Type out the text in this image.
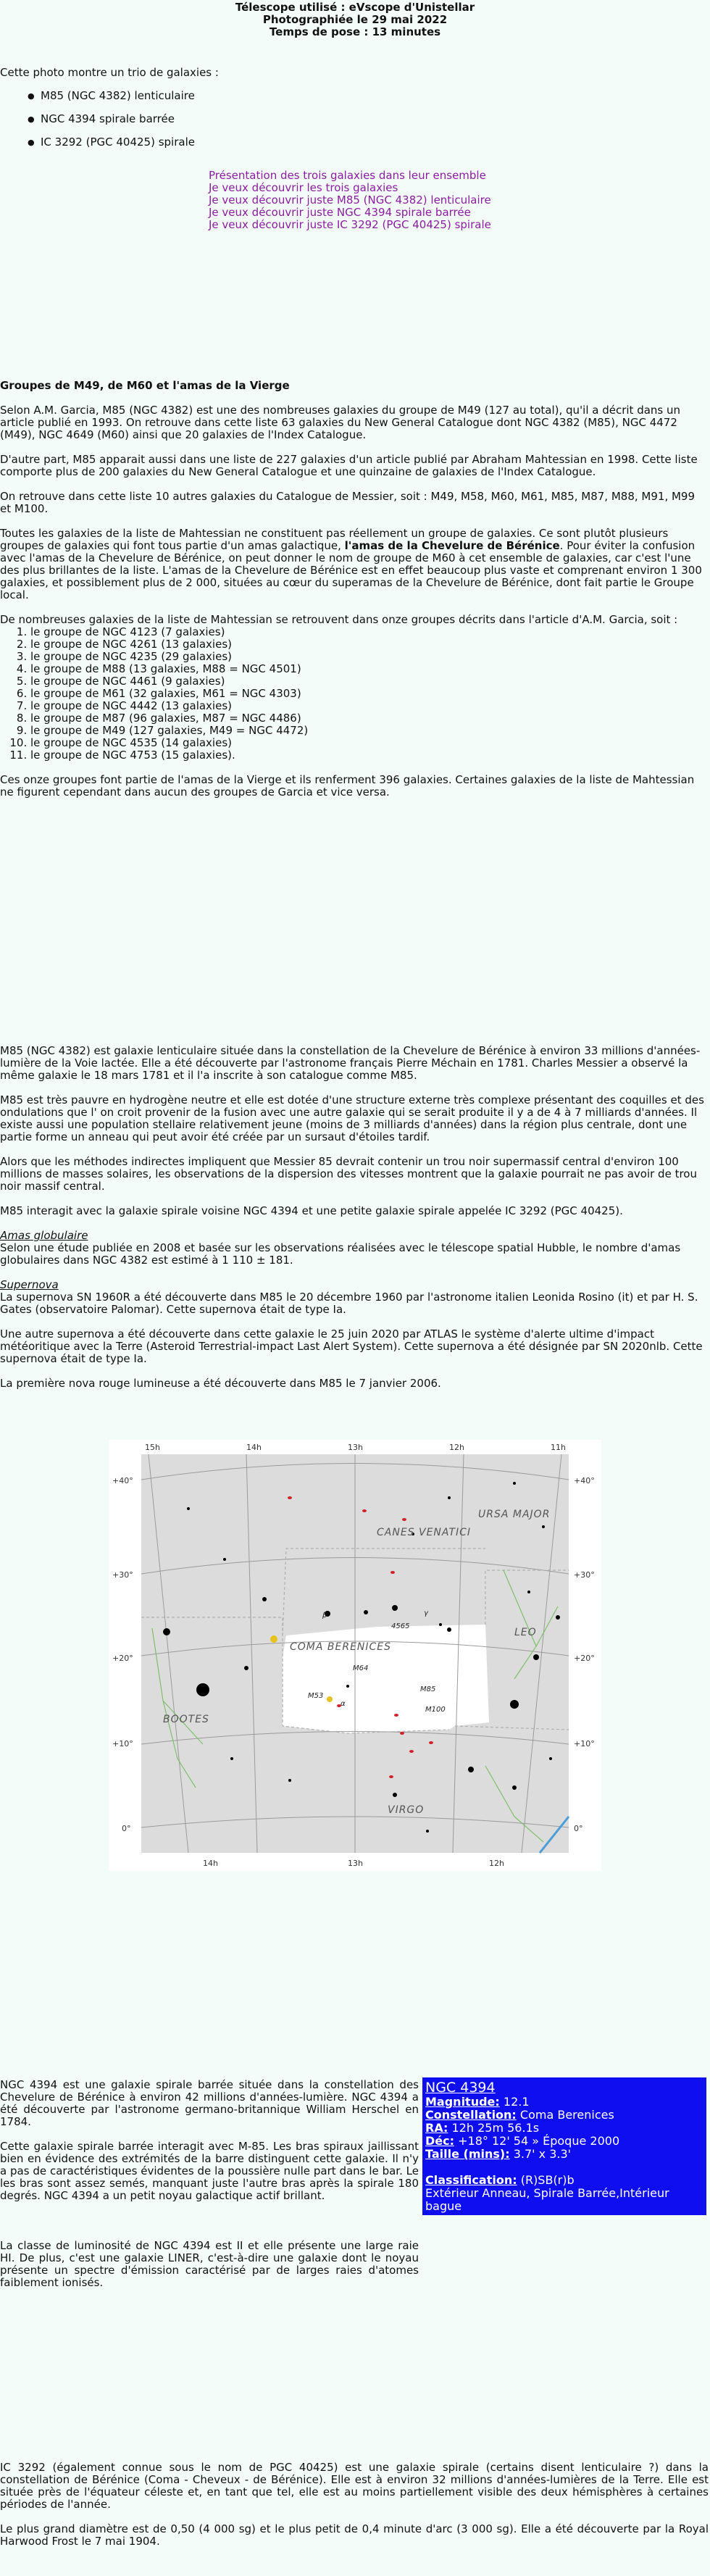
Télescope utilisé : eVscope d'Unistellar
Photographiée le 29 mai 2022
Temps de pose : 13 minutes
Cette photo montre un trio de galaxies :
● M85 (NGC 4382) lenticulaire
● NGC 4394 spirale barrée
● IC 3292 (PGC 40425) spirale
Présentation des trois galaxies dans leur ensemble
Je veux découvrir les trois galaxies
Je veux découvrir juste M85 (NGC 4382) lenticulaire
Je veux découvrir juste NGC 4394 spirale barrée
Je veux découvrir juste IC 3292 (PGC 40425) spirale
Groupes de M49, de M60 et l'amas de la Vierge

Selon A.M. Garcia, M85 (NGC 4382) est une des nombreuses galaxies du groupe de M49 (127 au total), qu'il a décrit dans un article publié en 1993. On retrouve dans cette liste 63 galaxies du New General Catalogue dont NGC 4382 (M85), NGC 4472 (M49), NGC 4649 (M60) ainsi que 20 galaxies de l'Index Catalogue.

D'autre part, M85 apparait aussi dans une liste de 227 galaxies d'un article publié par Abraham Mahtessian en 1998. Cette liste comporte plus de 200 galaxies du New General Catalogue et une quinzaine de galaxies de l'Index Catalogue.

On retrouve dans cette liste 10 autres galaxies du Catalogue de Messier, soit : M49, M58, M60, M61, M85, M87, M88, M91, M99 et M100.

Toutes les galaxies de la liste de Mahtessian ne constituent pas réellement un groupe de galaxies. Ce sont plutôt plusieurs groupes de galaxies qui font tous partie d'un amas galactique, l'amas de la Chevelure de Bérénice. Pour éviter la confusion avec l'amas de la Chevelure de Bérénice, on peut donner le nom de groupe de M60 à cet ensemble de galaxies, car c'est l'une des plus brillantes de la liste. L'amas de la Chevelure de Bérénice est en effet beaucoup plus vaste et comprenant environ 1 300 galaxies, et possiblement plus de 2 000, situées au cœur du superamas de la Chevelure de Bérénice, dont fait partie le Groupe local.

De nombreuses galaxies de la liste de Mahtessian se retrouvent dans onze groupes décrits dans l'article d'A.M. Garcia, soit :

1. le groupe de NGC 4123 (7 galaxies)
2. le groupe de NGC 4261 (13 galaxies)
3. le groupe de NGC 4235 (29 galaxies)
4. le groupe de M88 (13 galaxies, M88 = NGC 4501)
5. le groupe de NGC 4461 (9 galaxies)
6. le groupe de M61 (32 galaxies, M61 = NGC 4303)
7. le groupe de NGC 4442 (13 galaxies)
8. le groupe de M87 (96 galaxies, M87 = NGC 4486)
9. le groupe de M49 (127 galaxies, M49 = NGC 4472)
10. le groupe de NGC 4535 (14 galaxies)
11. le groupe de NGC 4753 (15 galaxies).

Ces onze groupes font partie de l'amas de la Vierge et ils renferment 396 galaxies. Certaines galaxies de la liste de Mahtessian ne figurent cependant dans aucun des groupes de Garcia et vice versa.

M85 (NGC 4382) est galaxie lenticulaire située dans la constellation de la Chevelure de Bérénice à environ 33 millions d'années-lumière de la Voie lactée. Elle a été découverte par l'astronome français Pierre Méchain en 1781. Charles Messier a observé la même galaxie le 18 mars 1781 et il l'a inscrite à son catalogue comme M85.

M85 est très pauvre en hydrogène neutre et elle est dotée d'une structure externe très complexe présentant des coquilles et des ondulations que l' on croit provenir de la fusion avec une autre galaxie qui se serait produite il y a de 4 à 7 milliards d'années. Il existe aussi une population stellaire relativement jeune (moins de 3 milliards d'années) dans la région plus centrale, dont une partie forme un anneau qui peut avoir été créée par un sursaut d'étoiles tardif.

Alors que les méthodes indirectes impliquent que Messier 85 devrait contenir un trou noir supermassif central d'environ 100 millions de masses solaires, les observations de la dispersion des vitesses montrent que la galaxie pourrait ne pas avoir de trou noir massif central.

M85 interagit avec la galaxie spirale voisine NGC 4394 et une petite galaxie spirale appelée IC 3292 (PGC 40425).

Amas globulaire

Selon une étude publiée en 2008 et basée sur les observations réalisées avec le télescope spatial Hubble, le nombre d'amas globulaires dans NGC 4382 est estimé à 1 110 ± 181.

Supernova

La supernova SN 1960R a été découverte dans M85 le 20 décembre 1960 par l'astronome italien Leonida Rosino (it) et par H. S. Gates (observatoire Palomar). Cette supernova était de type Ia.

Une autre supernova a été découverte dans cette galaxie le 25 juin 2020 par ATLAS le système d'alerte ultime d'impact météoritique avec la Terre (Asteroid Terrestrial-impact Last Alert System). Cette supernova a été désignée par SN 2020nlb. Cette supernova était de type Ia.

La première nova rouge lumineuse a été découverte dans M85 le 7 janvier 2006.

15h	14h	13h	12h	11h
14h	13h	12h
+40°
+30°
+20°
+10°
0°
+40°
+30°
+20°
+10°
0°
CANES VENATICI
URSA MAJOR
COMA BERENICES
LEO
BOOTES
VIRGO
4565
M64
M85
M100
M53
β	γ
α

NGC 4394 est une galaxie spirale barrée située dans la constellation des Chevelure de Bérénice à environ 42 millions d'années-lumière. NGC 4394 a été découverte par l'astronome germano-britannique William Herschel en 1784.

Cette galaxie spirale barrée interagit avec M-85. Les bras spiraux jaillissant bien en évidence des extrémités de la barre distinguent cette galaxie. Il n'y a pas de caractéristiques évidentes de la poussière nulle part dans le bar. Le les bras sont assez semés, manquant juste l'autre bras après la spirale 180 degrés. NGC 4394 a un petit noyau galactique actif brillant.

La classe de luminosité de NGC 4394 est II et elle présente une large raie HI. De plus, c'est une galaxie LINER, c'est-à-dire une galaxie dont le noyau présente un spectre d'émission caractérisé par de larges raies d'atomes faiblement ionisés.
NGC 4394
Magnitude: 12.1
Constellation: Coma Berenices
RA: 12h 25m 56.1s
Déc: +18° 12' 54 » Époque 2000
Taille (mins): 3.7' x 3.3'
Classification: (R)SB(r)b
Extérieur Anneau, Spirale Barrée,Intérieur bague

IC 3292 (également connue sous le nom de PGC 40425) est une galaxie spirale (certains disent lenticulaire ?) dans la constellation de Bérénice (Coma - Cheveux - de Bérénice). Elle est à environ 32 millions d'années-lumières de la Terre. Elle est située près de l'équateur céleste et, en tant que tel, elle est au moins partiellement visible des deux hémisphères à certaines périodes de l'année.

Le plus grand diamètre est de 0,50 (4 000 sg) et le plus petit de 0,4 minute d'arc (3 000 sg). Elle a été découverte par la Royal Harwood Frost le 7 mai 1904.
